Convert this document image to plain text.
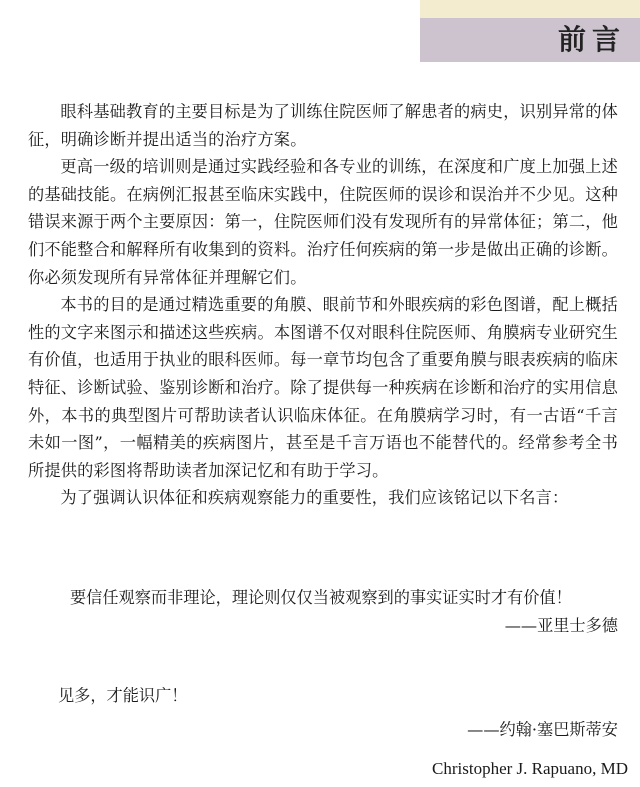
前言

眼科基础教育的主要目标是为了训练住院医师了解患者的病史，识别异常的体征，明确诊断并提出适当的治疗方案。

更高一级的培训则是通过实践经验和各专业的训练，在深度和广度上加强上述的基础技能。在病例汇报甚至临床实践中，住院医师的误诊和误治并不少见。这种错误来源于两个主要原因：第一，住院医师们没有发现所有的异常体征；第二，他们不能整合和解释所有收集到的资料。治疗任何疾病的第一步是做出正确的诊断。你必须发现所有异常体征并理解它们。

本书的目的是通过精选重要的角膜、眼前节和外眼疾病的彩色图谱，配上概括性的文字来图示和描述这些疾病。本图谱不仅对眼科住院医师、角膜病专业研究生有价值，也适用于执业的眼科医师。每一章节均包含了重要角膜与眼表疾病的临床特征、诊断试验、鉴别诊断和治疗。除了提供每一种疾病在诊断和治疗的实用信息外，本书的典型图片可帮助读者认识临床体征。在角膜病学习时，有一古语“千言未如一图”，一幅精美的疾病图片，甚至是千言万语也不能替代的。经常参考全书所提供的彩图将帮助读者加深记忆和有助于学习。

为了强调认识体征和疾病观察能力的重要性，我们应该铭记以下名言：

要信任观察而非理论，理论则仅仅当被观察到的事实证实时才有价值！
——亚里士多德
见多，才能识广！
——约翰·塞巴斯蒂安
Christopher J. Rapuano, MD
